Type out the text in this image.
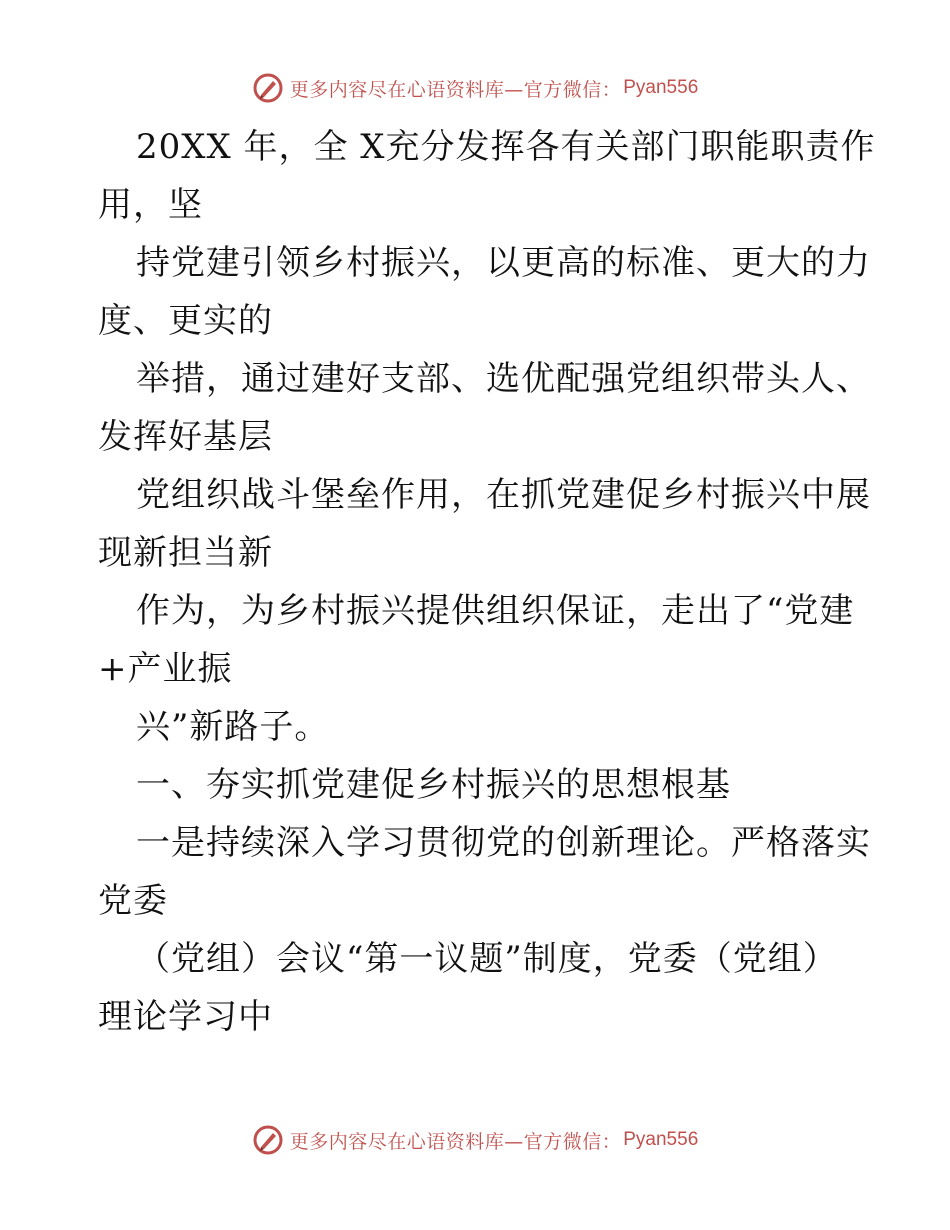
更多内容尽在心语资料库—官方微信： Pyan556
20XX 年，全 X充分发挥各有关部门职能职责作
用，坚
持党建引领乡村振兴，以更高的标准、更大的力
度、更实的
举措，通过建好支部、选优配强党组织带头人、
发挥好基层
党组织战斗堡垒作用，在抓党建促乡村振兴中展
现新担当新
作为，为乡村振兴提供组织保证，走出了“党建
+产业振
兴”新路子。
一、夯实抓党建促乡村振兴的思想根基
一是持续深入学习贯彻党的创新理论。严格落实
党委
（党组）会议“第一议题”制度，党委（党组）
理论学习中
更多内容尽在心语资料库—官方微信： Pyan556
